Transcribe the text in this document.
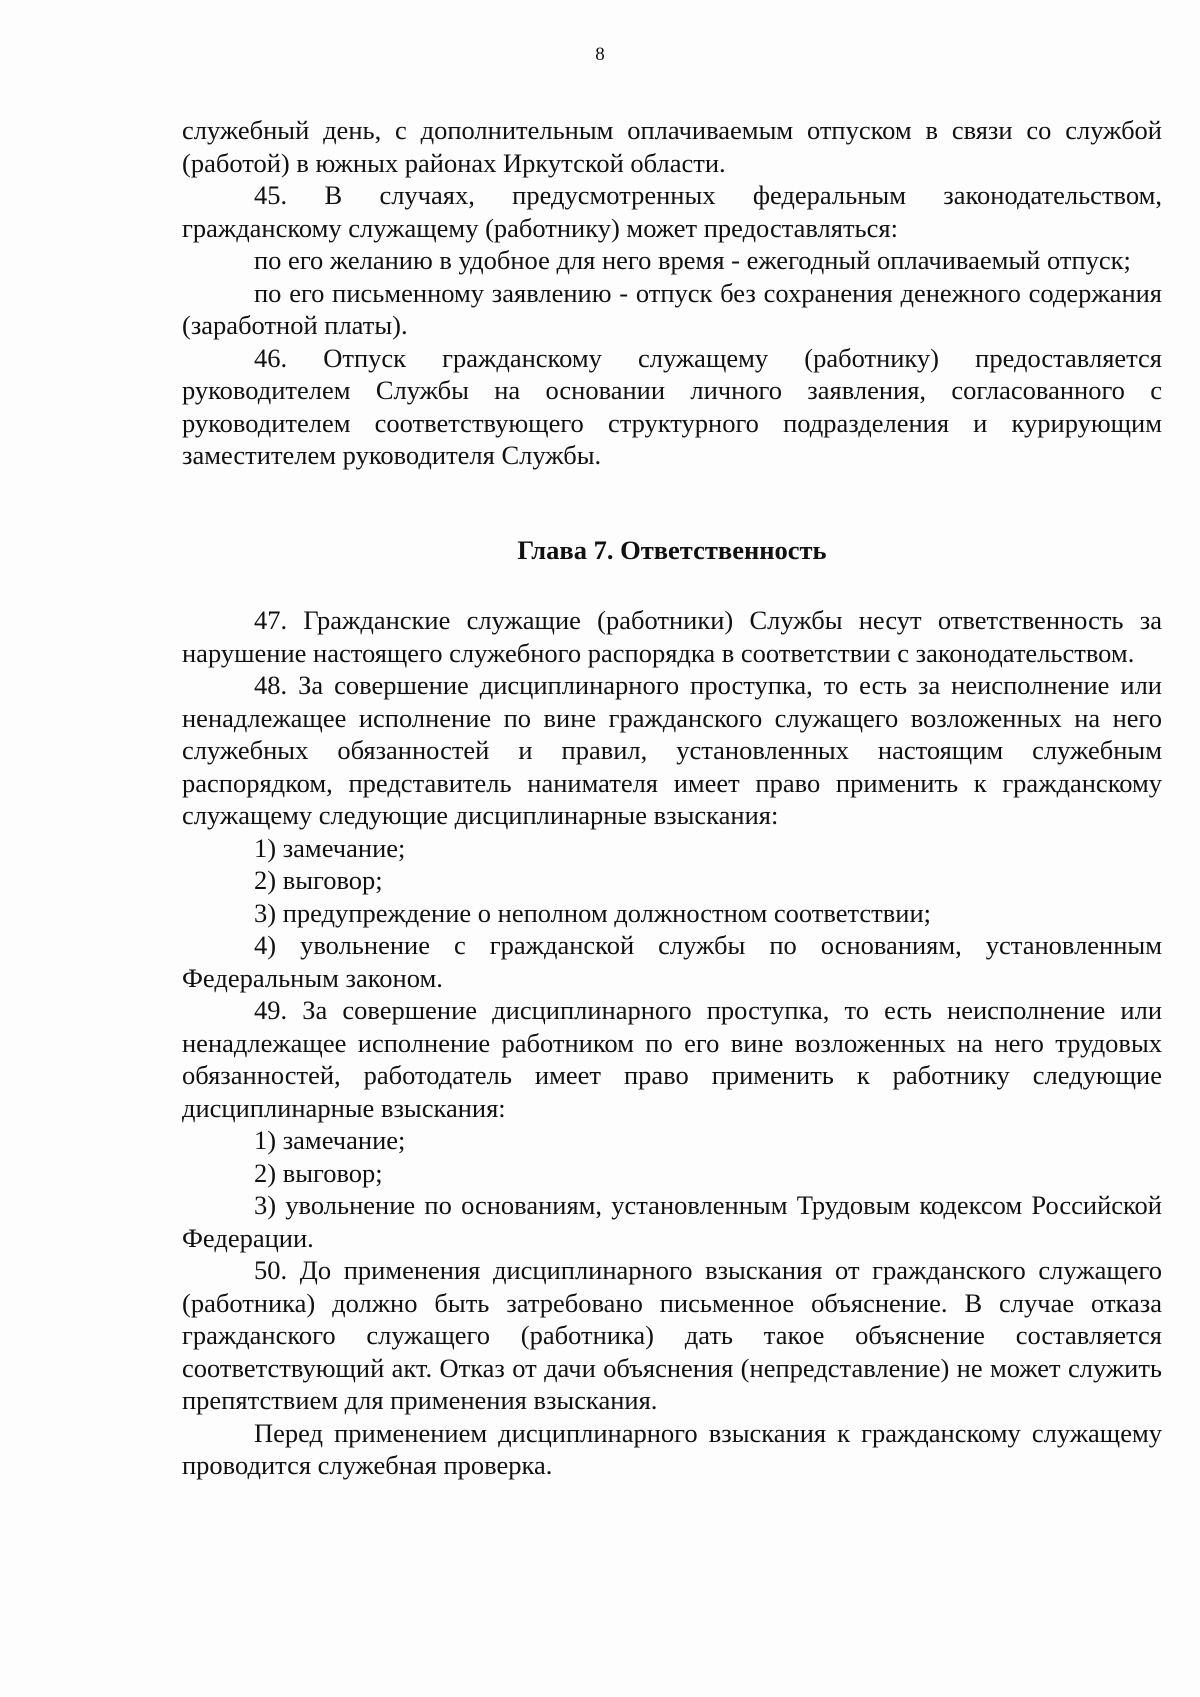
8

служебный день, с дополнительным оплачиваемым отпуском в связи со службой (работой) в южных районах Иркутской области.

45. В случаях, предусмотренных федеральным законодательством, гражданскому служащему (работнику) может предоставляться:

по его желанию в удобное для него время - ежегодный оплачиваемый отпуск;

по его письменному заявлению - отпуск без сохранения денежного содержания (заработной платы).

46. Отпуск гражданскому служащему (работнику) предоставляется руководителем Службы на основании личного заявления, согласованного с руководителем соответствующего структурного подразделения и курирующим заместителем руководителя Службы.

Глава 7. Ответственность

47. Гражданские служащие (работники) Службы несут ответственность за нарушение настоящего служебного распорядка в соответствии с законодательством.

48. За совершение дисциплинарного проступка, то есть за неисполнение или ненадлежащее исполнение по вине гражданского служащего возложенных на него служебных обязанностей и правил, установленных настоящим служебным распорядком, представитель нанимателя имеет право применить к гражданскому служащему следующие дисциплинарные взыскания:

1) замечание;

2) выговор;

3) предупреждение о неполном должностном соответствии;

4) увольнение с гражданской службы по основаниям, установленным Федеральным законом.

49. За совершение дисциплинарного проступка, то есть неисполнение или ненадлежащее исполнение работником по его вине возложенных на него трудовых обязанностей, работодатель имеет право применить к работнику следующие дисциплинарные взыскания:

1) замечание;

2) выговор;

3) увольнение по основаниям, установленным Трудовым кодексом Российской Федерации.

50. До применения дисциплинарного взыскания от гражданского служащего (работника) должно быть затребовано письменное объяснение. В случае отказа гражданского служащего (работника) дать такое объяснение составляется соответствующий акт. Отказ от дачи объяснения (непредставление) не может служить препятствием для применения взыскания.

Перед применением дисциплинарного взыскания к гражданскому служащему проводится служебная проверка.
